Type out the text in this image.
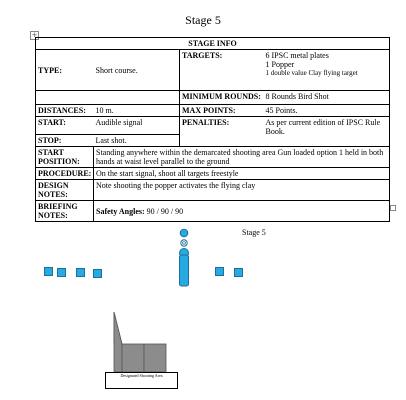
Stage 5
+
STAGE INFO			
TYPE:	Short course.	TARGETS:	6 IPSC metal plates
1 Popper
1 double value Clay flying target

		MINIMUM ROUNDS:	8 Rounds Bird Shot
DISTANCES:	10 m.	MAX POINTS:	45 Points.
START:	Audible signal	PENALTIES:	As per current edition of IPSC Rule Book.
STOP:	Last shot.		
START POSITION:	Standing anywhere within the demarcated shooting area Gun loaded option 1 held in both hands at waist level parallel to the ground		
PROCEDURE:	On the start signal, shoot all targets freestyle		
DESIGN NOTES:	Note shooting the popper activates the flying clay		
BRIEFING NOTES:	Safety Angles: 90 / 90 / 90		
Stage 5
Designated Shooting Area
